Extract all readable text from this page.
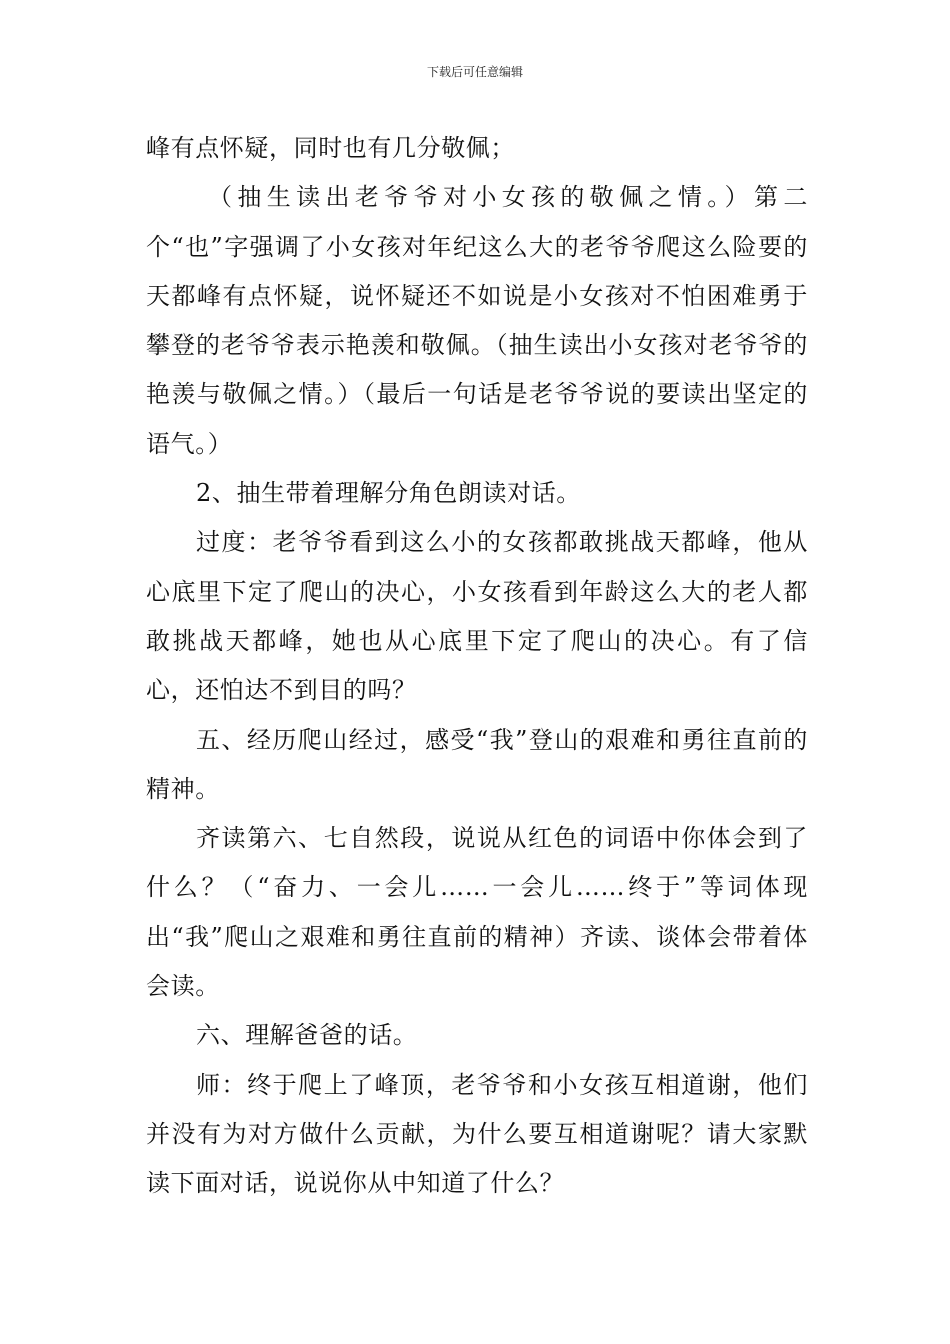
下载后可任意编辑

峰有点怀疑，同时也有几分敬佩；

（抽生读出老爷爷对小女孩的敬佩之情。）第二个“也”字强调了小女孩对年纪这么大的老爷爷爬这么险要的天都峰有点怀疑，说怀疑还不如说是小女孩对不怕困难勇于攀登的老爷爷表示艳羡和敬佩。（抽生读出小女孩对老爷爷的艳羡与敬佩之情。）（最后一句话是老爷爷说的要读出坚定的语气。）

2、抽生带着理解分角色朗读对话。

过度：老爷爷看到这么小的女孩都敢挑战天都峰，他从心底里下定了爬山的决心，小女孩看到年龄这么大的老人都敢挑战天都峰，她也从心底里下定了爬山的决心。有了信心，还怕达不到目的吗？

五、经历爬山经过，感受“我”登山的艰难和勇往直前的精神。

齐读第六、七自然段，说说从红色的词语中你体会到了什么？（“奋力、一会儿……一会儿……终于”等词体现出“我”爬山之艰难和勇往直前的精神）齐读、谈体会带着体会读。

六、理解爸爸的话。

师：终于爬上了峰顶，老爷爷和小女孩互相道谢，他们并没有为对方做什么贡献，为什么要互相道谢呢？请大家默读下面对话，说说你从中知道了什么？
